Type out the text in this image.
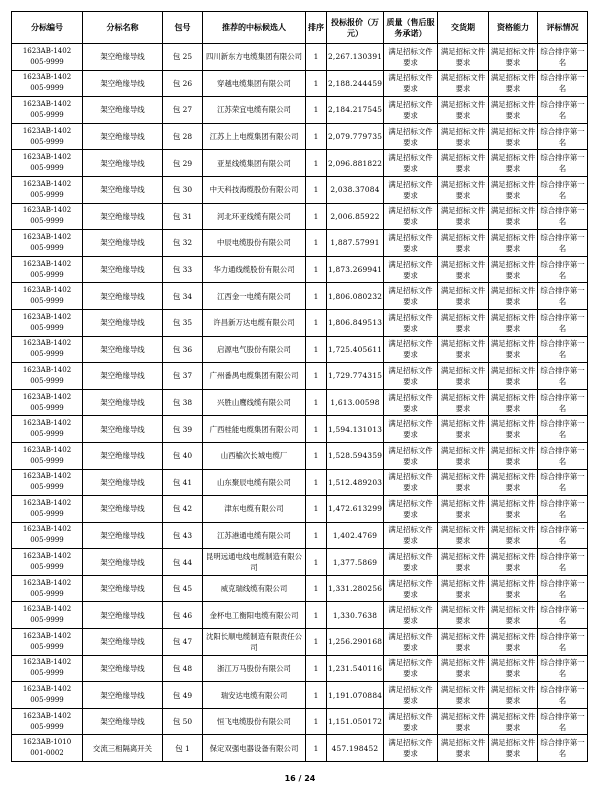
分标编号	分标名称	包号	推荐的中标候选人	排序	投标报价（万元）	质量（售后服务承诺）	交货期	资格能力	评标情况
1623AB-1402
005-9999	架空绝缘导线	包 25	四川新东方电缆集团有限公司	1	2,267.130391	满足招标文件要求	满足招标文件要求	满足招标文件要求	综合排序第一名
1623AB-1402
005-9999	架空绝缘导线	包 26	穿越电缆集团有限公司	1	2,188.244459	满足招标文件要求	满足招标文件要求	满足招标文件要求	综合排序第一名
1623AB-1402
005-9999	架空绝缘导线	包 27	江苏荣宜电缆有限公司	1	2,184.217545	满足招标文件要求	满足招标文件要求	满足招标文件要求	综合排序第一名
1623AB-1402
005-9999	架空绝缘导线	包 28	江苏上上电缆集团有限公司	1	2,079.779735	满足招标文件要求	满足招标文件要求	满足招标文件要求	综合排序第一名
1623AB-1402
005-9999	架空绝缘导线	包 29	亚星线缆集团有限公司	1	2,096.881822	满足招标文件要求	满足招标文件要求	满足招标文件要求	综合排序第一名
1623AB-1402
005-9999	架空绝缘导线	包 30	中天科技海缆股份有限公司	1	2,038.37084	满足招标文件要求	满足招标文件要求	满足招标文件要求	综合排序第一名
1623AB-1402
005-9999	架空绝缘导线	包 31	河北环亚线缆有限公司	1	2,006.85922	满足招标文件要求	满足招标文件要求	满足招标文件要求	综合排序第一名
1623AB-1402
005-9999	架空绝缘导线	包 32	中辰电缆股份有限公司	1	1,887.57991	满足招标文件要求	满足招标文件要求	满足招标文件要求	综合排序第一名
1623AB-1402
005-9999	架空绝缘导线	包 33	华力通线缆股份有限公司	1	1,873.269941	满足招标文件要求	满足招标文件要求	满足招标文件要求	综合排序第一名
1623AB-1402
005-9999	架空绝缘导线	包 34	江西金一电缆有限公司	1	1,806.080232	满足招标文件要求	满足招标文件要求	满足招标文件要求	综合排序第一名
1623AB-1402
005-9999	架空绝缘导线	包 35	许昌新万达电缆有限公司	1	1,806.849513	满足招标文件要求	满足招标文件要求	满足招标文件要求	综合排序第一名
1623AB-1402
005-9999	架空绝缘导线	包 36	启源电气股份有限公司	1	1,725.405611	满足招标文件要求	满足招标文件要求	满足招标文件要求	综合排序第一名
1623AB-1402
005-9999	架空绝缘导线	包 37	广州番禺电缆集团有限公司	1	1,729.774315	满足招标文件要求	满足招标文件要求	满足招标文件要求	综合排序第一名
1623AB-1402
005-9999	架空绝缘导线	包 38	兴胜山鹰线缆有限公司	1	1,613.00598	满足招标文件要求	满足招标文件要求	满足招标文件要求	综合排序第一名
1623AB-1402
005-9999	架空绝缘导线	包 39	广西桂能电缆集团有限公司	1	1,594.131013	满足招标文件要求	满足招标文件要求	满足招标文件要求	综合排序第一名
1623AB-1402
005-9999	架空绝缘导线	包 40	山西榆次长城电缆厂	1	1,528.594359	满足招标文件要求	满足招标文件要求	满足招标文件要求	综合排序第一名
1623AB-1402
005-9999	架空绝缘导线	包 41	山东聚辰电缆有限公司	1	1,512.489203	满足招标文件要求	满足招标文件要求	满足招标文件要求	综合排序第一名
1623AB-1402
005-9999	架空绝缘导线	包 42	津东电缆有限公司	1	1,472.613299	满足招标文件要求	满足招标文件要求	满足招标文件要求	综合排序第一名
1623AB-1402
005-9999	架空绝缘导线	包 43	江苏港通电缆有限公司	1	1,402.4769	满足招标文件要求	满足招标文件要求	满足招标文件要求	综合排序第一名
1623AB-1402
005-9999	架空绝缘导线	包 44	昆明远通电线电缆制造有限公司	1	1,377.5869	满足招标文件要求	满足招标文件要求	满足招标文件要求	综合排序第一名
1623AB-1402
005-9999	架空绝缘导线	包 45	威克瑞线缆有限公司	1	1,331.280256	满足招标文件要求	满足招标文件要求	满足招标文件要求	综合排序第一名
1623AB-1402
005-9999	架空绝缘导线	包 46	金杯电工衡阳电缆有限公司	1	1,330.7638	满足招标文件要求	满足招标文件要求	满足招标文件要求	综合排序第一名
1623AB-1402
005-9999	架空绝缘导线	包 47	沈阳长顺电缆制造有限责任公司	1	1,256.290168	满足招标文件要求	满足招标文件要求	满足招标文件要求	综合排序第一名
1623AB-1402
005-9999	架空绝缘导线	包 48	浙江万马股份有限公司	1	1,231.540116	满足招标文件要求	满足招标文件要求	满足招标文件要求	综合排序第一名
1623AB-1402
005-9999	架空绝缘导线	包 49	瑞安达电缆有限公司	1	1,191.070884	满足招标文件要求	满足招标文件要求	满足招标文件要求	综合排序第一名
1623AB-1402
005-9999	架空绝缘导线	包 50	恒飞电缆股份有限公司	1	1,151.050172	满足招标文件要求	满足招标文件要求	满足招标文件要求	综合排序第一名
1623AB-1010
001-0002	交流三相隔离开关	包 1	保定双强电器设备有限公司	1	457.198452	满足招标文件要求	满足招标文件要求	满足招标文件要求	综合排序第一名
16 / 24
